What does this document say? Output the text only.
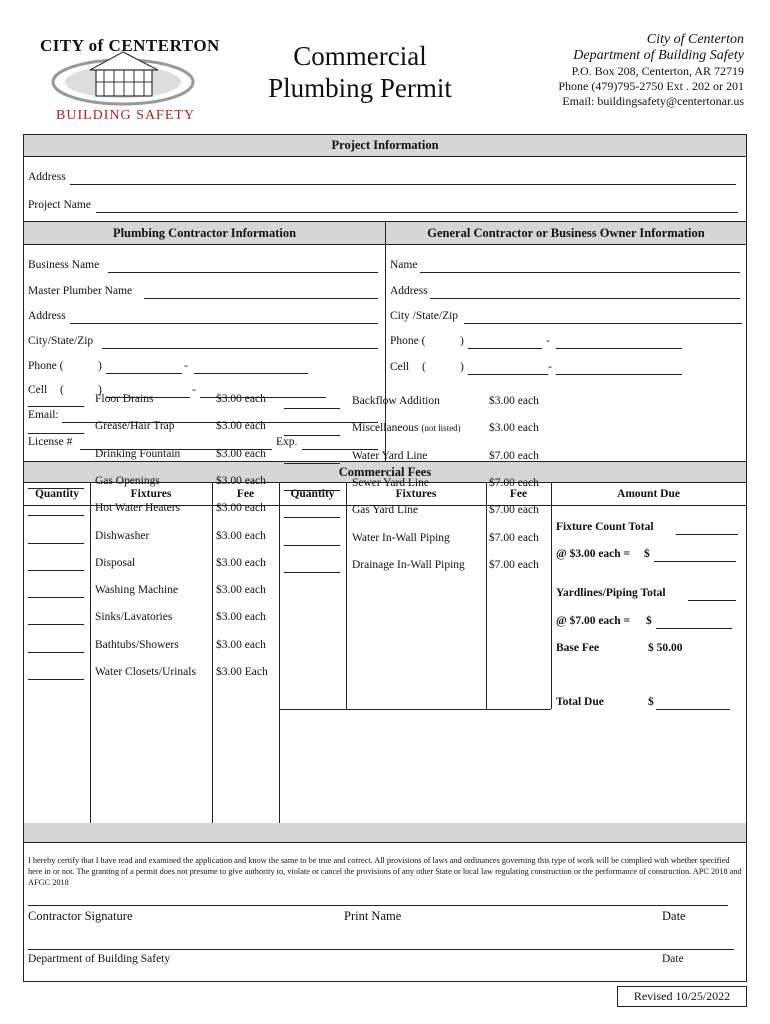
CITY of CENTERTON
BUILDING SAFETY
Commercial
Plumbing Permit
City of Centerton
Department of Building Safety
P.O. Box 208, Centerton, AR 72719
Phone (479)795-2750 Ext . 202 or 201
Email: buildingsafety@centertonar.us
Project Information
Address
Project Name
Plumbing Contractor Information	General Contractor or Business Owner Information
Business Name
Master Plumber Name
Address
City/State/Zip
Phone (	)	-
Cell (	)	-
Email:
License #	Exp.
Name
Address
City /State/Zip
Phone (	)	-
Cell (	)	-
Commercial Fees
Quantity	Fixtures	Fee	Quantity	Fixtures	Fee	Amount Due
Floor Drains	$3.00 each
Grease/Hair Trap	$3.00 each
Drinking Fountain	$3.00 each
Gas Openings	$3.00 each
Hot Water Heaters	$3.00 each
Dishwasher	$3.00 each
Disposal	$3.00 each
Washing Machine	$3.00 each
Sinks/Lavatories	$3.00 each
Bathtubs/Showers	$3.00 each
Water Closets/Urinals $3.00 Each
Backflow Addition	$3.00 each
Miscellaneous (not listed) $3.00 each
Water Yard Line	$7.00 each
Sewer Yard Line	$7.00 each
Gas Yard Line	$7.00 each
Water In-Wall Piping	$7.00 each
Drainage In-Wall Piping $7.00 each
Fixture Count Total
@ $3.00 each = $
Yardlines/Piping Total
@ $7.00 each = $
Base Fee	$ 50.00
Total Due	$
I hereby certify that I have read and examined the application and know the same to be true and correct. All provisions of laws and ordinances governing this type of work will be complied with whether specified here in or not. The granting of a permit does not presume to give authority to, violate or cancel the provisions of any other State or local law regulating construction or the performance of construction. APC 2018 and AFGC 2018
Contractor Signature	Print Name	Date
Department of Building Safety	Date
Revised 10/25/2022
